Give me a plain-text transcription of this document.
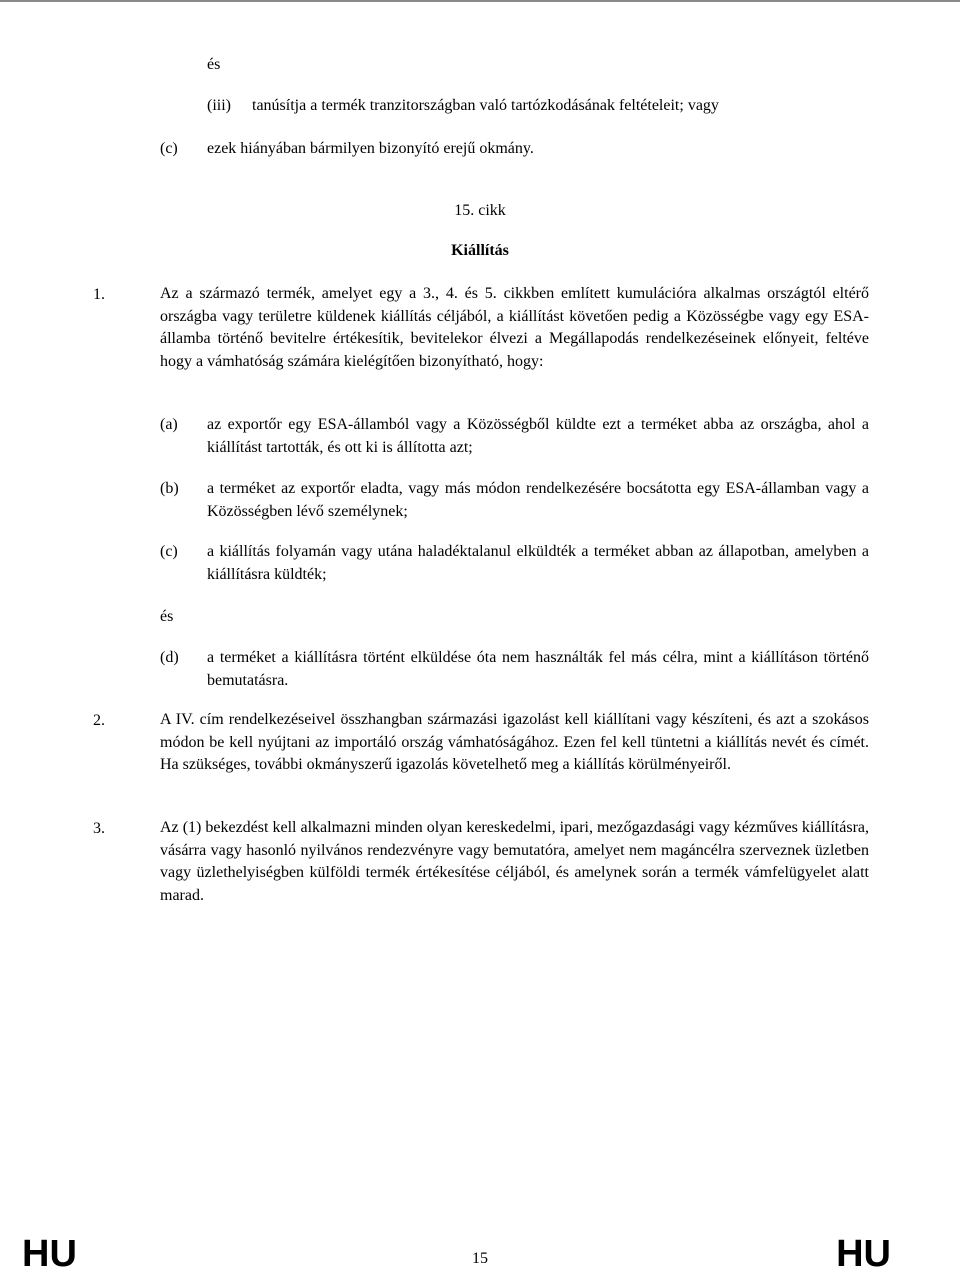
és
(iii) tanúsítja a termék tranzitországban való tartózkodásának feltételeit; vagy
(c) ezek hiányában bármilyen bizonyító erejű okmány.
15. cikk
Kiállítás
1.	Az a származó termék, amelyet egy a 3., 4. és 5. cikkben említett kumulációra alkalmas országtól eltérő országba vagy területre küldenek kiállítás céljából, a kiállítást követően pedig a Közösségbe vagy egy ESA-államba történő bevitelre értékesítik, bevitelekor élvezi a Megállapodás rendelkezéseinek előnyeit, feltéve hogy a vámhatóság számára kielégítően bizonyítható, hogy:
(a) az exportőr egy ESA-államból vagy a Közösségből küldte ezt a terméket abba az országba, ahol a kiállítást tartották, és ott ki is állította azt;
(b) a terméket az exportőr eladta, vagy más módon rendelkezésére bocsátotta egy ESA-államban vagy a Közösségben lévő személynek;
(c) a kiállítás folyamán vagy utána haladéktalanul elküldték a terméket abban az állapotban, amelyben a kiállításra küldték;
és
(d) a terméket a kiállításra történt elküldése óta nem használták fel más célra, mint a kiállításon történő bemutatásra.
2.	A IV. cím rendelkezéseivel összhangban származási igazolást kell kiállítani vagy készíteni, és azt a szokásos módon be kell nyújtani az importáló ország vámhatóságához. Ezen fel kell tüntetni a kiállítás nevét és címét. Ha szükséges, további okmányszerű igazolás követelhető meg a kiállítás körülményeiről.
3.	Az (1) bekezdést kell alkalmazni minden olyan kereskedelmi, ipari, mezőgazdasági vagy kézműves kiállításra, vásárra vagy hasonló nyilvános rendezvényre vagy bemutatóra, amelyet nem magáncélra szerveznek üzletben vagy üzlethelyiségben külföldi termék értékesítése céljából, és amelynek során a termék vámfelügyelet alatt marad.
HU	15	HU
